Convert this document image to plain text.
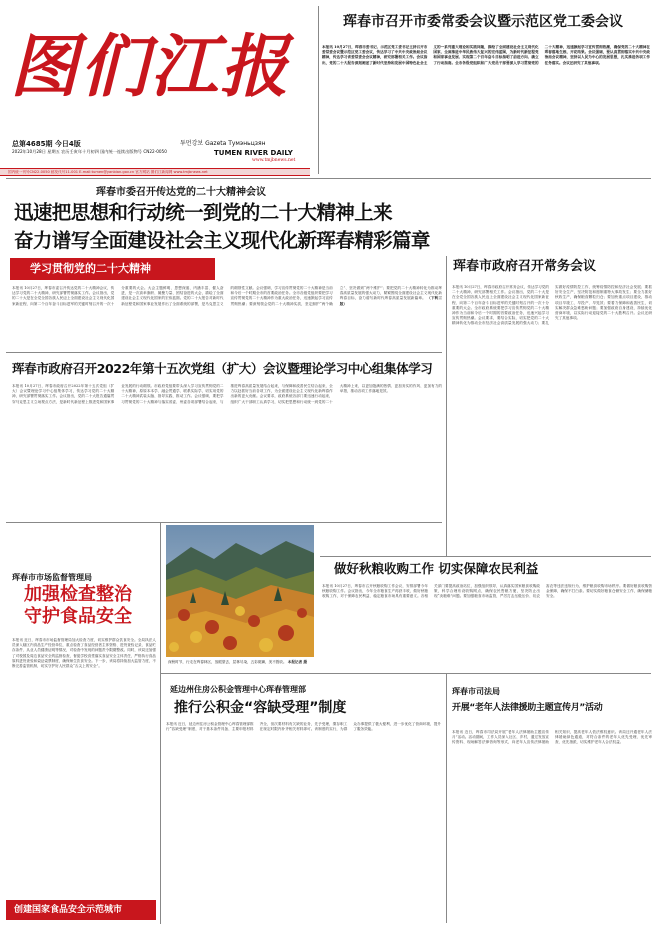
图们江报
总第4685期 今日4版	투먼강보 Gazeta Тумэньцзян
2022年10月28日 星期五 农历壬寅年十月初四 国内统一连续出版物号 CN22-0050	TUMEN RIVER DAILY
www.tmjbnews.net
国内统一刊号CN22-0050 邮发代号11-001 E-mail:tumen@yanbian.gov.cn 官方网站 图们江新闻网 www.tmjbnews.net
珲春市召开市委常委会议暨示范区党工委会议
本报讯 10月27日，珲春市委书记、示范区党工委书记主持召开市委常委会议暨示范区党工委会议，传达学习了中共中央政治局会议精神，传达学习省委常委会会议精神，研究部署相关工作。会议指出，党的二十大报告深刻阐述了新时代坚持和发展中国特色社会主义的一系列重大理论和实践问题，描绘了全面建设社会主义现代化国家、全面推进中华民族伟大复兴的宏伟蓝图，为新时代新征程党和国家事业发展、实现第二个百年奋斗目标指明了前进方向、确立了行动指南。全市各级党组织和广大党员干部要深入学习贯彻党的二十大精神，迅速掀起学习宣传贯彻热潮，确保党的二十大精神在珲春落地生根、开花结果。会议强调，要认真贯彻落实中共中央政治局会议精神，坚持以人民为中心的发展思想，扎实推进各项工作任务落实。会议还研究了其他事项。
珲春市委召开传达党的二十大精神会议
迅速把思想和行动统一到党的二十大精神上来
奋力谱写全面建设社会主义现代化新珲春精彩篇章
学习贯彻党的二十大精神
本报讯 10月27日，珲春市委召开传达党的二十大精神会议，传达学习党的二十大精神，研究部署贯彻落实工作。会议指出，党的二十大是在全党全国各族人民迈上全面建设社会主义现代化国家新征程、向第二个百年奋斗目标进军的关键时刻召开的一次十分重要的大会。大会主题鲜明、思想深邃、内涵丰富、催人奋进，是一次高举旗帜、凝聚力量、团结奋进的大会，描绘了全面建设社会主义现代化国家的宏伟蓝图。党的二十大报告对新时代新征程党和国家事业发展作出了全面系统的部署，是马克思主义的纲领性文献。会议强调，学习宣传贯彻党的二十大精神是当前和今后一个时期全市的首要政治任务。全市各级党组织要把学习宣传贯彻党的二十大精神作为重大政治任务，迅速掀起学习宣传贯彻热潮；要深刻领会党的二十大精神实质，坚定拥护“两个确立”、坚决做到“两个维护”；要把党的二十大精神转化为推动珲春高质量发展的强大动力，紧紧围绕全面建设社会主义现代化新珲春目标，奋力谱写新时代珲春高质量发展新篇章。 （下转三版）
珲春市政府召开常务会议
本报讯 10月27日，珲春市政府召开常务会议，传达学习党的二十大精神，研究部署相关工作。会议指出，党的二十大是在全党全国各族人民迈上全面建设社会主义现代化国家新征程、向第二个百年奋斗目标进军的关键时刻召开的一次十分重要的大会。全市政府系统要把学习宣传贯彻党的二十大精神作为当前和今后一个时期的首要政治任务，迅速兴起学习宣传贯彻热潮。会议要求，要结合实际，切实把党的二十大精神转化为推动全市经济社会高质量发展的强大动力；要扎实做好疫情防控工作，统筹疫情防控和经济社会发展；要抓好安全生产，坚决防范和遏制重特大事故发生；要全力抓好秋收生产，确保粮食颗粒归仓；要加快重点项目建设，推动项目早竣工、早投产、早见效；要着力保障和改善民生，切实解决群众急难愁盼问题；要加强政府自身建设，持续优化营商环境，以实际行动迎接党的二十大胜利召开。会议还研究了其他事项。
珲春市政府召开2022年第十五次党组（扩大）会议暨理论学习中心组集体学习
本报讯 10月27日，珲春市政府召开2022年第十五次党组（扩大）会议暨理论学习中心组集体学习，传达学习党的二十大精神，研究部署贯彻落实工作。会议指出，党的二十大报告通篇贯穿马克思主义立场观点方法，是新时代新征程上推进党和国家事业发展的行动纲领。市政府党组要带头深入学习宣传贯彻党的二十大精神，原原本本学、融会贯通学、联系实际学，切实用党的二十大精神武装头脑、指导实践、推动工作。会议强调，要把学习贯彻党的二十大精神与落实省委、州委各项部署结合起来，与推进珲春高质量发展结合起来，与保障和改善民生结合起来，全力以赴抓好当前各项工作，为全面建设社会主义现代化新珲春作出新的更大贡献。会议要求，政府系统各部门要迅速行动起来，组织广大干部职工认真学习，切实把思想和行动统一到党的二十大精神上来，以更加饱满的热情、更加务实的作风、更加有力的举措，推动各项工作落地见效。
做好秋粮收购工作 切实保障农民利益
本报讯 10月27日，珲春市召开秋粮收购工作会议，安排部署今年秋粮收购工作。会议指出，今年全市粮食生产再获丰收，做好秋粮收购工作，对于保障农民利益、稳定粮食市场具有重要意义。各相关部门要提高政治站位，加强组织领导，认真落实国家粮食收购政策，科学合理布设收购网点，确保农民售粮方便，坚决防止出现“卖粮难”问题。要加强粮食市场监管，严厉打击压级压价、坑农害农等违法违规行为，维护粮食收购市场秩序。要做好粮食收购资金保障，确保不打白条。要切实做好粮食仓储安全工作，确保储粮安全。
珲春市市场监督管理局
加强检查整治
守护食品安全
本报讯 近日，珲春市市场监督管理局加大检查力度，切实维护群众饮食安全。全局执法人员深入辖区内食品生产经营单位，重点检查了食品经营者主体资格、进货查验记录、食品贮存条件、从业人员健康证明等情况，对检查中发现的问题责令限期整改。同时，该局还加强了对校园及周边食品安全的监督检查，督促学校食堂落实食品安全主体责任，严格执行食品原料进货查验和索证索票制度，确保师生饮食安全。下一步，该局将持续加大监管力度，不断完善监管机制，切实守护好人民群众“舌尖上的安全”。
创建国家食品安全示范城市
深秋时节，行走在珲春林区，放眼望去，层林尽染，五彩斑斓，美不胜收。 本报记者 摄
延边州住房公积金管理中心珲春管理部
推行公积金“容缺受理”制度
本报讯 近日，延边州住房公积金管理中心珲春管理部推行“容缺受理”制度，对于基本条件具备、主要申报材料齐全，但次要材料有欠缺的业务，先予受理，缴存职工在规定时限内补齐相关材料即可。该制度的实行，为群众办事提供了极大便利，进一步优化了营商环境，提升了服务效能。
珲春市司法局
开展“老年人法律援助主题宣传月”活动
本报讯 近日，珲春市司法局开展“老年人法律援助主题宣传月”活动。活动期间，工作人员深入社区、乡村，通过发放宣传资料、现场解答法律咨询等形式，向老年人宣传法律援助相关知识，提高老年人依法维权意识。该局还开通老年人法律援助绿色通道，对符合条件的老年人优先受理、优先审查、优先指派，切实维护老年人合法权益。
